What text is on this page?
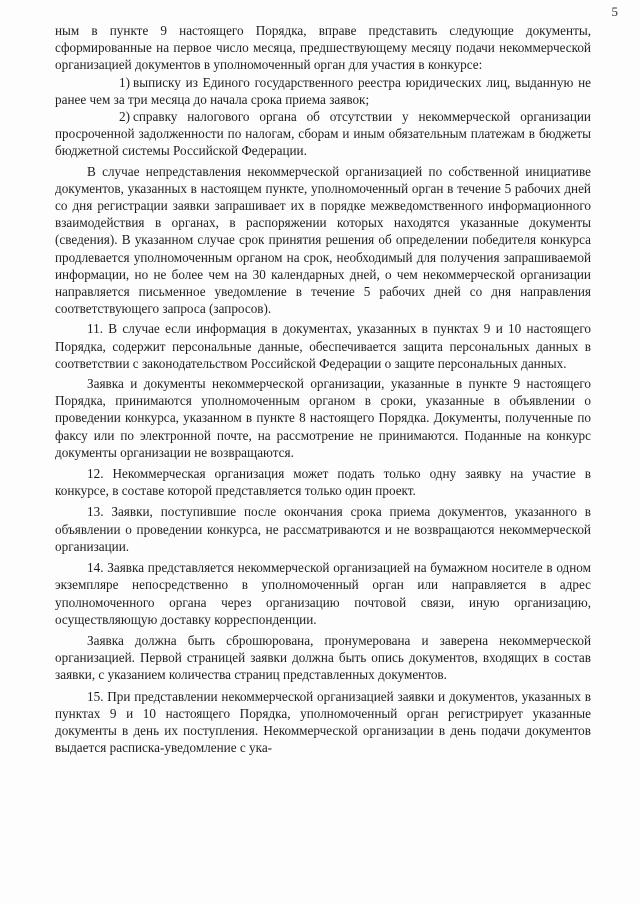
5

ным в пункте 9 настоящего Порядка, вправе представить следующие документы, сформированные на первое число месяца, предшествующему месяцу подачи некоммерческой организацией документов в уполномоченный орган для участия в конкурсе:

1) выписку из Единого государственного реестра юридических лиц, выданную не ранее чем за три месяца до начала срока приема заявок;
2) справку налогового органа об отсутствии у некоммерческой организации просроченной задолженности по налогам, сборам и иным обязательным платежам в бюджеты бюджетной системы Российской Федерации.

В случае непредставления некоммерческой организацией по собственной инициативе документов, указанных в настоящем пункте, уполномоченный орган в течение 5 рабочих дней со дня регистрации заявки запрашивает их в порядке межведомственного информационного взаимодействия в органах, в распоряжении которых находятся указанные документы (сведения). В указанном случае срок принятия решения об определении победителя конкурса продлевается уполномоченным органом на срок, необходимый для получения запрашиваемой информации, но не более чем на 30 календарных дней, о чем некоммерческой организации направляется письменное уведомление в течение 5 рабочих дней со дня направления соответствующего запроса (запросов).

11. В случае если информация в документах, указанных в пунктах 9 и 10 настоящего Порядка, содержит персональные данные, обеспечивается защита персональных данных в соответствии с законодательством Российской Федерации о защите персональных данных.

Заявка и документы некоммерческой организации, указанные в пункте 9 настоящего Порядка, принимаются уполномоченным органом в сроки, указанные в объявлении о проведении конкурса, указанном в пункте 8 настоящего Порядка. Документы, полученные по факсу или по электронной почте, на рассмотрение не принимаются. Поданные на конкурс документы организации не возвращаются.

12. Некоммерческая организация может подать только одну заявку на участие в конкурсе, в составе которой представляется только один проект.

13. Заявки, поступившие после окончания срока приема документов, указанного в объявлении о проведении конкурса, не рассматриваются и не возвращаются некоммерческой организации.

14. Заявка представляется некоммерческой организацией на бумажном носителе в одном экземпляре непосредственно в уполномоченный орган или направляется в адрес уполномоченного органа через организацию почтовой связи, иную организацию, осуществляющую доставку корреспонденции.

Заявка должна быть сброшюрована, пронумерована и заверена некоммерческой организацией. Первой страницей заявки должна быть опись документов, входящих в состав заявки, с указанием количества страниц представленных документов.

15. При представлении некоммерческой организацией заявки и документов, указанных в пунктах 9 и 10 настоящего Порядка, уполномоченный орган регистрирует указанные документы в день их поступления. Некоммерческой организации в день подачи документов выдается расписка-уведомление с ука-
